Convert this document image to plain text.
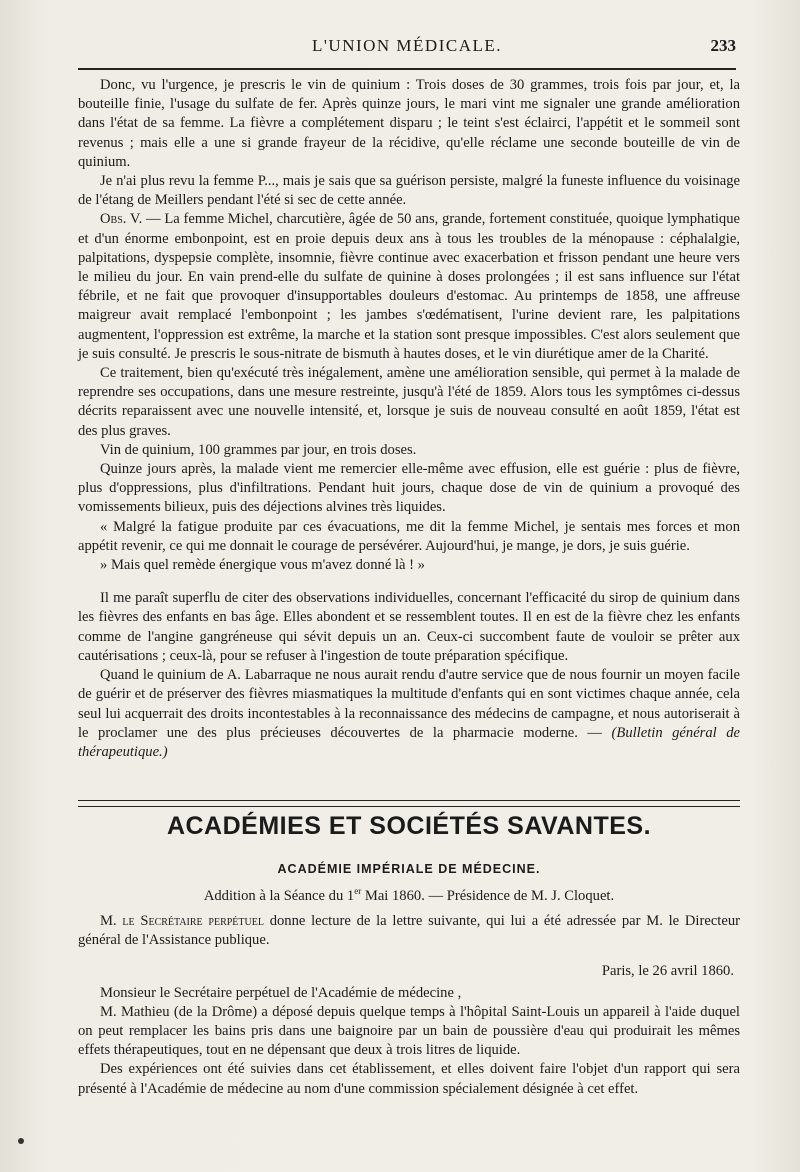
L'UNION MÉDICALE.	233

Donc, vu l'urgence, je prescris le vin de quinium : Trois doses de 30 grammes, trois fois par jour, et, la bouteille finie, l'usage du sulfate de fer. Après quinze jours, le mari vint me signaler une grande amélioration dans l'état de sa femme. La fièvre a complétement disparu ; le teint s'est éclairci, l'appétit et le sommeil sont revenus ; mais elle a une si grande frayeur de la récidive, qu'elle réclame une seconde bouteille de vin de quinium.

Je n'ai plus revu la femme P..., mais je sais que sa guérison persiste, malgré la funeste influence du voisinage de l'étang de Meillers pendant l'été si sec de cette année.

Obs. V. — La femme Michel, charcutière, âgée de 50 ans, grande, fortement constituée, quoique lymphatique et d'un énorme embonpoint, est en proie depuis deux ans à tous les troubles de la ménopause : céphalalgie, palpitations, dyspepsie complète, insomnie, fièvre continue avec exacerbation et frisson pendant une heure vers le milieu du jour. En vain prend-elle du sulfate de quinine à doses prolongées ; il est sans influence sur l'état fébrile, et ne fait que provoquer d'insupportables douleurs d'estomac. Au printemps de 1858, une affreuse maigreur avait remplacé l'embonpoint ; les jambes s'œdématisent, l'urine devient rare, les palpitations augmentent, l'oppression est extrême, la marche et la station sont presque impossibles. C'est alors seulement que je suis consulté. Je prescris le sous-nitrate de bismuth à hautes doses, et le vin diurétique amer de la Charité.

Ce traitement, bien qu'exécuté très inégalement, amène une amélioration sensible, qui permet à la malade de reprendre ses occupations, dans une mesure restreinte, jusqu'à l'été de 1859. Alors tous les symptômes ci-dessus décrits reparaissent avec une nouvelle intensité, et, lorsque je suis de nouveau consulté en août 1859, l'état est des plus graves.

Vin de quinium, 100 grammes par jour, en trois doses.

Quinze jours après, la malade vient me remercier elle-même avec effusion, elle est guérie : plus de fièvre, plus d'oppressions, plus d'infiltrations. Pendant huit jours, chaque dose de vin de quinium a provoqué des vomissements bilieux, puis des déjections alvines très liquides.

« Malgré la fatigue produite par ces évacuations, me dit la femme Michel, je sentais mes forces et mon appétit revenir, ce qui me donnait le courage de persévérer. Aujourd'hui, je mange, je dors, je suis guérie.

» Mais quel remède énergique vous m'avez donné là ! »

Il me paraît superflu de citer des observations individuelles, concernant l'efficacité du sirop de quinium dans les fièvres des enfants en bas âge. Elles abondent et se ressemblent toutes. Il en est de la fièvre chez les enfants comme de l'angine gangréneuse qui sévit depuis un an. Ceux-ci succombent faute de vouloir se prêter aux cautérisations ; ceux-là, pour se refuser à l'ingestion de toute préparation spécifique.

Quand le quinium de A. Labarraque ne nous aurait rendu d'autre service que de nous fournir un moyen facile de guérir et de préserver des fièvres miasmatiques la multitude d'enfants qui en sont victimes chaque année, cela seul lui acquerrait des droits incontestables à la reconnaissance des médecins de campagne, et nous autoriserait à le proclamer une des plus précieuses découvertes de la pharmacie moderne. — (Bulletin général de thérapeutique.)

ACADÉMIES ET SOCIÉTÉS SAVANTES.
ACADÉMIE IMPÉRIALE DE MÉDECINE.
Addition à la Séance du 1er Mai 1860. — Présidence de M. J. Cloquet.

M. le Secrétaire perpétuel donne lecture de la lettre suivante, qui lui a été adressée par M. le Directeur général de l'Assistance publique.

Paris, le 26 avril 1860.

Monsieur le Secrétaire perpétuel de l'Académie de médecine ,

M. Mathieu (de la Drôme) a déposé depuis quelque temps à l'hôpital Saint-Louis un appareil à l'aide duquel on peut remplacer les bains pris dans une baignoire par un bain de poussière d'eau qui produirait les mêmes effets thérapeutiques, tout en ne dépensant que deux à trois litres de liquide.

Des expériences ont été suivies dans cet établissement, et elles doivent faire l'objet d'un rapport qui sera présenté à l'Académie de médecine au nom d'une commission spécialement désignée à cet effet.
